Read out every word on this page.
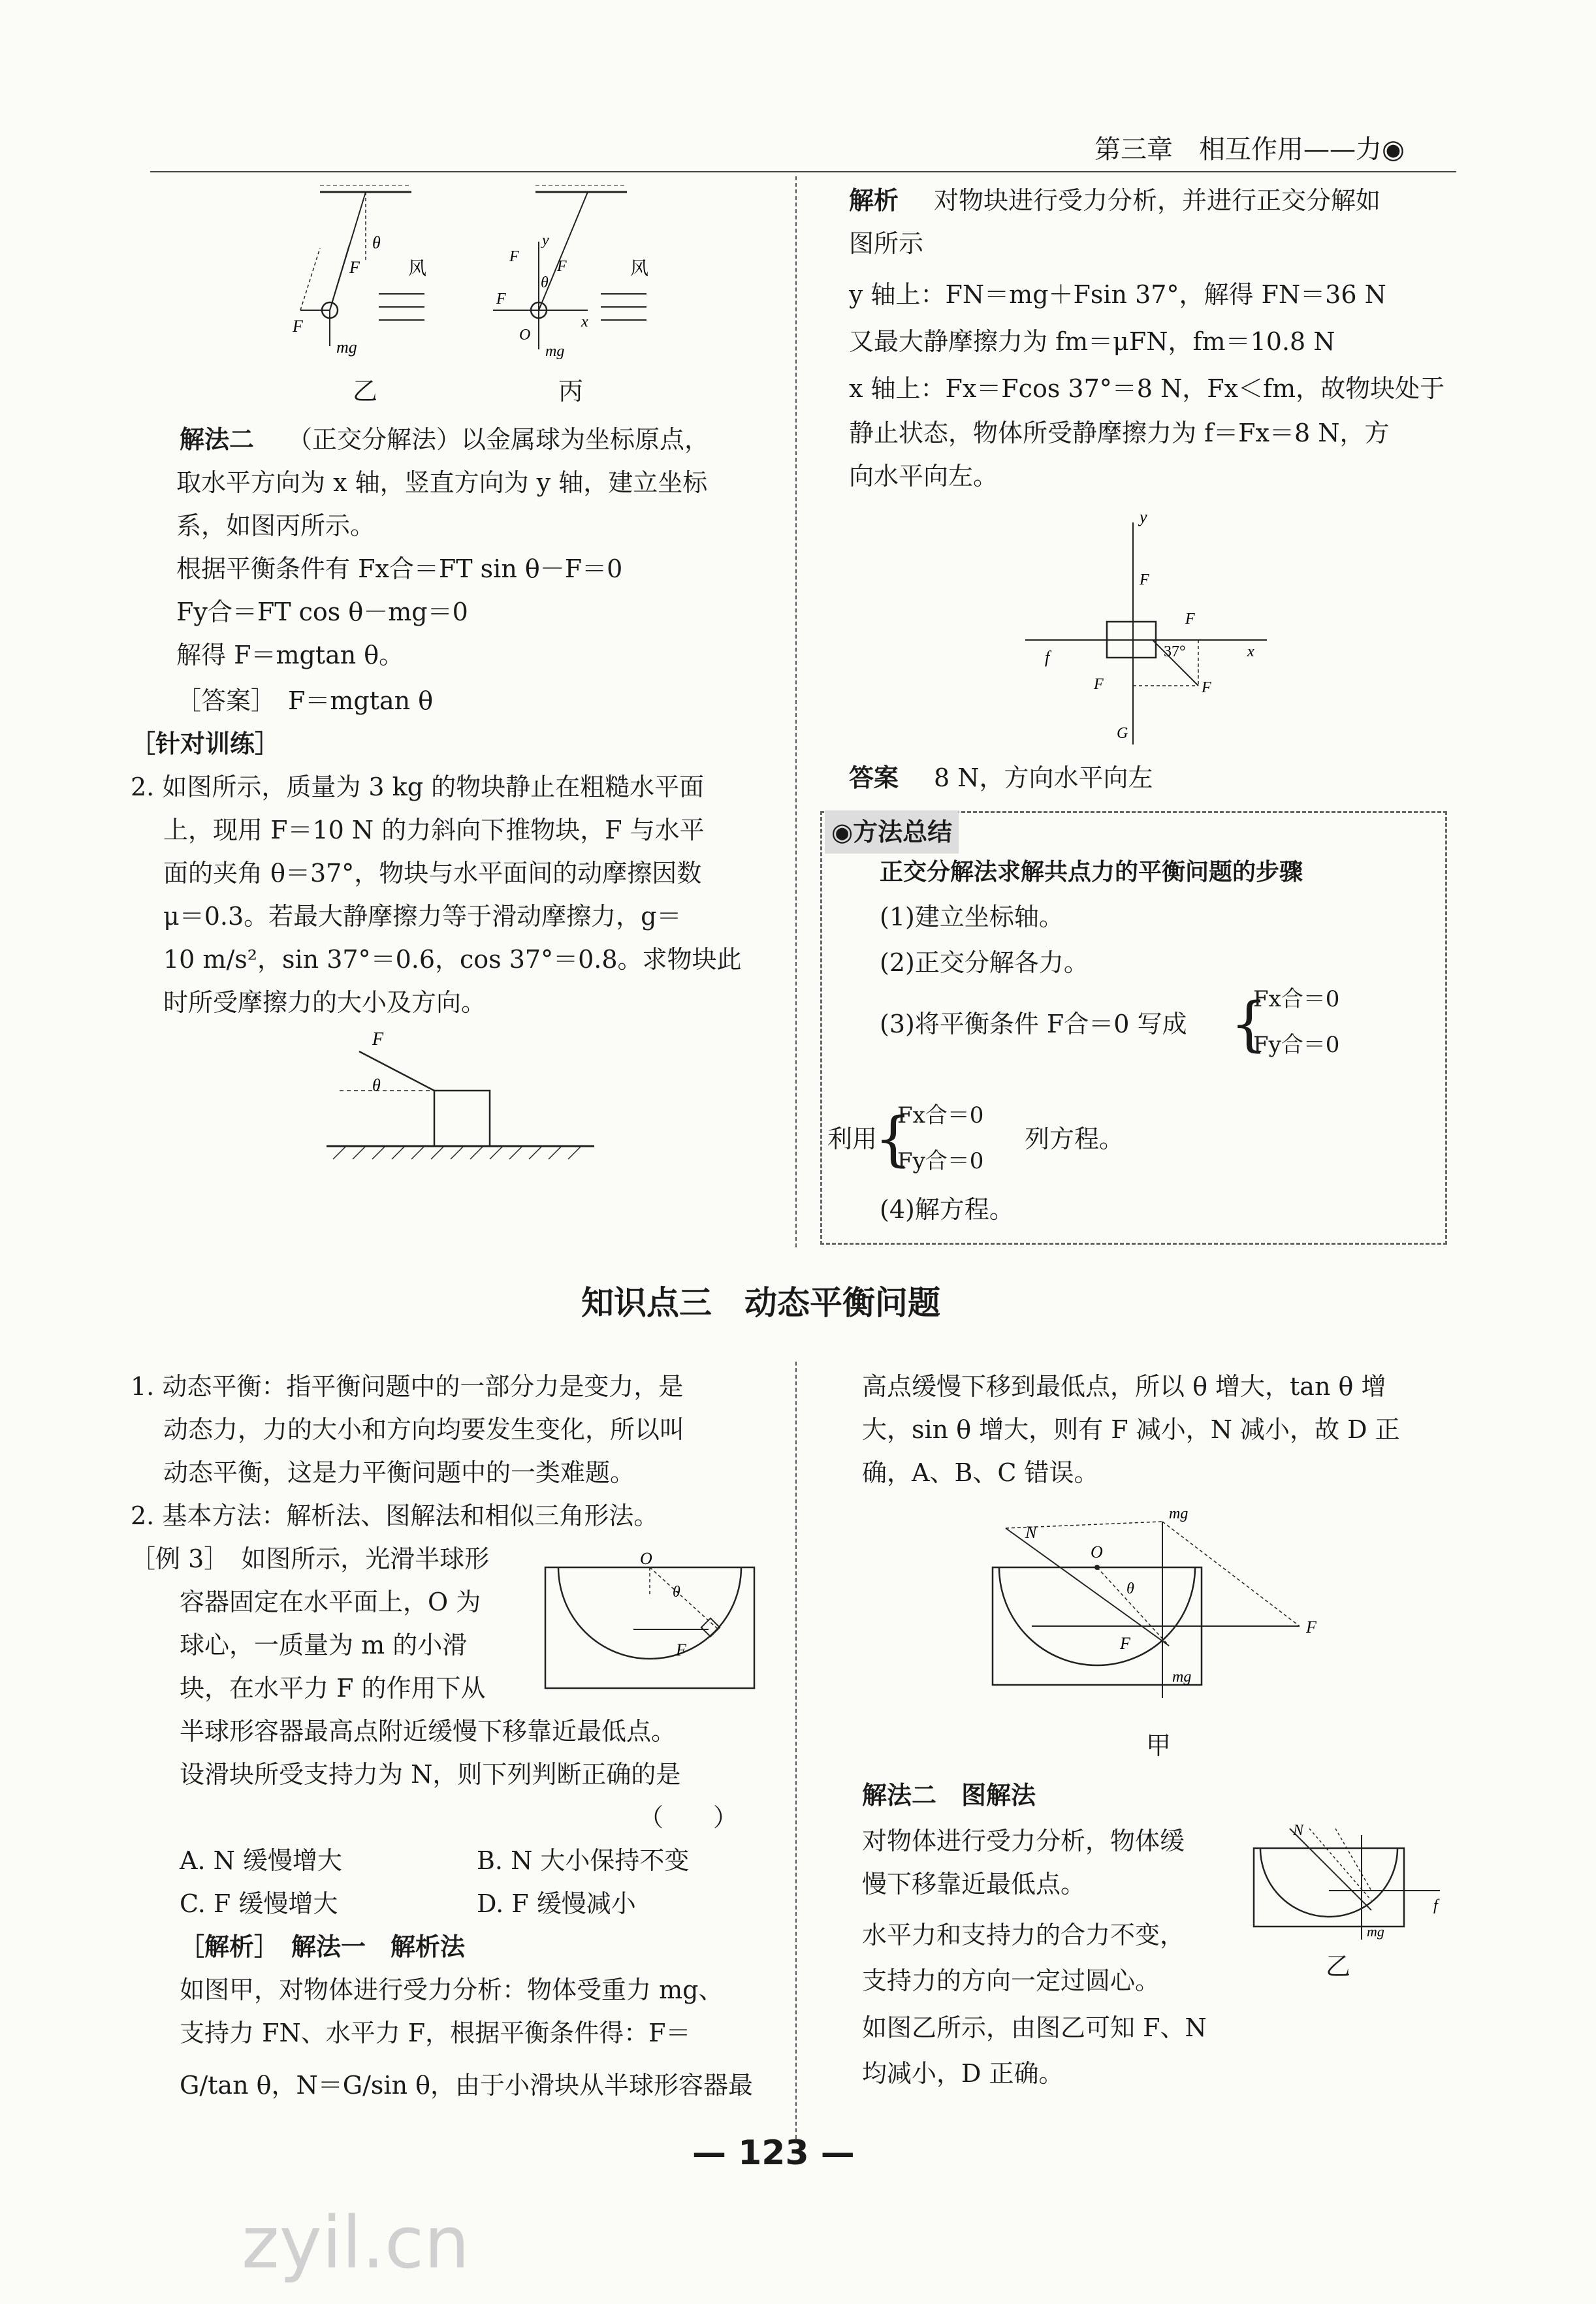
第三章　相互作用——力◉
θ
F
F
mg
风
y
x
F
F
θ
F
O
mg
风
乙	丙
解法二 （正交分解法）以金属球为坐标原点，
取水平方向为 x 轴，竖直方向为 y 轴，建立坐标
系，如图丙所示。
根据平衡条件有 Fx合＝FT sin θ－F＝0
Fy合＝FT cos θ－mg＝0
解得 F＝mgtan θ。
［答案］　F＝mgtan θ
［针对训练］
2. 如图所示，质量为 3 kg 的物块静止在粗糙水平面
上，现用 F＝10 N 的力斜向下推物块，F 与水平
面的夹角 θ＝37°，物块与水平面间的动摩擦因数
μ＝0.3。若最大静摩擦力等于滑动摩擦力，g＝
10 m/s²，sin 37°＝0.6，cos 37°＝0.8。求物块此
时所受摩擦力的大小及方向。
θ
F
解析 对物块进行受力分析，并进行正交分解如
图所示
y 轴上：FN＝mg＋Fsin 37°，解得 FN＝36 N
又最大静摩擦力为 fm＝μFN，fm＝10.8 N
x 轴上：Fx＝Fcos 37°＝8 N，Fx＜fm，故物块处于
静止状态，物体所受静摩擦力为 f＝Fx＝8 N，方
向水平向左。
y
F
F
37°	x
f
F	F
G
答案 8 N，方向水平向左
◉方法总结
正交分解法求解共点力的平衡问题的步骤
(1)建立坐标轴。
(2)正交分解各力。
(3)将平衡条件 F合＝0 写成 {
Fx合＝0
Fy合＝0
利用
{
Fx合＝0
Fy合＝0
列方程。
(4)解方程。
知识点三　动态平衡问题
1. 动态平衡：指平衡问题中的一部分力是变力，是
动态力，力的大小和方向均要发生变化，所以叫
动态平衡，这是力平衡问题中的一类难题。
2. 基本方法：解析法、图解法和相似三角形法。
［例 3］　如图所示，光滑半球形
容器固定在水平面上，O 为
球心，一质量为 m 的小滑
块，在水平力 F 的作用下从
半球形容器最高点附近缓慢下移靠近最低点。
设滑块所受支持力为 N，则下列判断正确的是
（　　）
O
θ
F
A. N 缓慢增大	B. N 大小保持不变
C. F 缓慢增大	D. F 缓慢减小
［解析］　解法一　解析法
如图甲，对物体进行受力分析：物体受重力 mg、
支持力 FN、水平力 F，根据平衡条件得：F＝
G/tan θ，N＝G/sin θ，由于小滑块从半球形容器最
高点缓慢下移到最低点，所以 θ 增大，tan θ 增
大，sin θ 增大，则有 F 减小，N 减小，故 D 正
确，A、B、C 错误。
mg
N
O
θ
F
F
mg
甲
解法二　图解法
对物体进行受力分析，物体缓
慢下移靠近最低点。
水平力和支持力的合力不变，
支持力的方向一定过圆心。
如图乙所示，由图乙可知 F、N
均减小，D 正确。
N
f
mg
乙
— 123 —
zyil.cn
